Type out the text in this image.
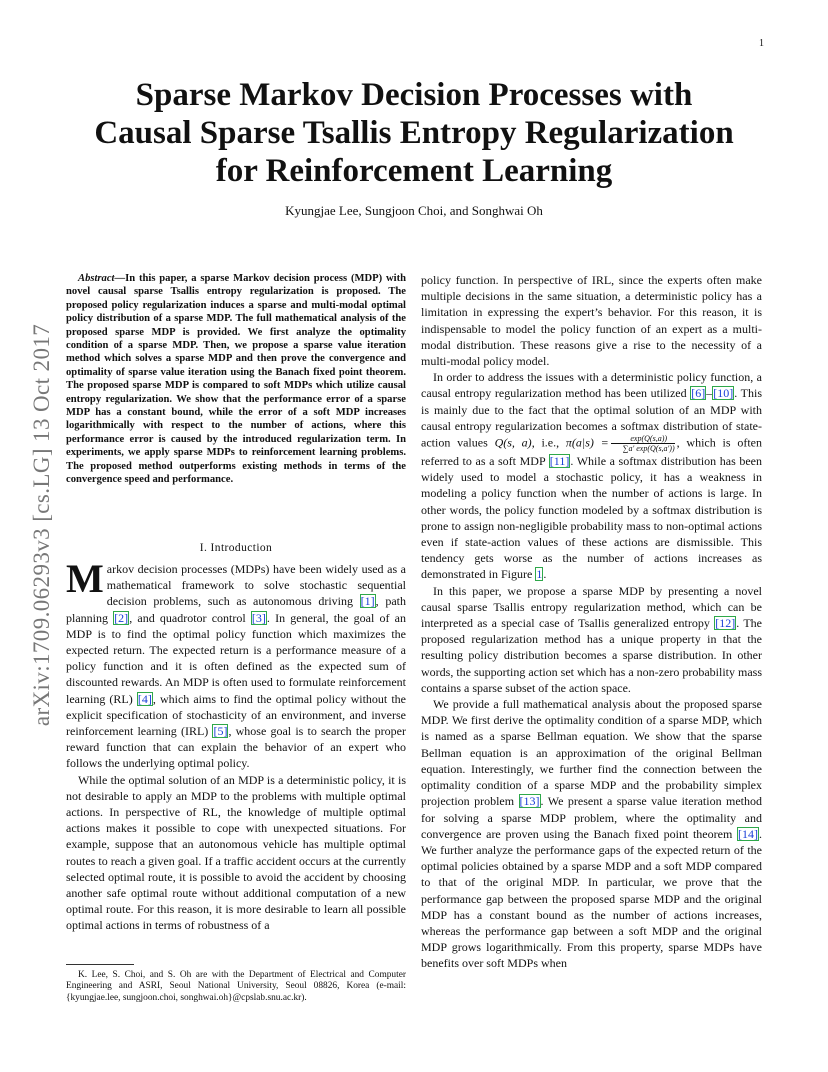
1
arXiv:1709.06293v3 [cs.LG] 13 Oct 2017
Sparse Markov Decision Processes with
Causal Sparse Tsallis Entropy Regularization
for Reinforcement Learning
Kyungjae Lee, Sungjoon Choi, and Songhwai Oh

Abstract—In this paper, a sparse Markov decision process (MDP) with novel causal sparse Tsallis entropy regularization is proposed. The proposed policy regularization induces a sparse and multi-modal optimal policy distribution of a sparse MDP. The full mathematical analysis of the proposed sparse MDP is provided. We first analyze the optimality condition of a sparse MDP. Then, we propose a sparse value iteration method which solves a sparse MDP and then prove the convergence and optimality of sparse value iteration using the Banach fixed point theorem. The proposed sparse MDP is compared to soft MDPs which utilize causal entropy regularization. We show that the performance error of a sparse MDP has a constant bound, while the error of a soft MDP increases logarithmically with respect to the number of actions, where this performance error is caused by the introduced regularization term. In experiments, we apply sparse MDPs to reinforcement learning problems. The proposed method outperforms existing methods in terms of the convergence speed and performance.

I. Introduction

Markov decision processes (MDPs) have been widely used as a mathematical framework to solve stochastic sequential decision problems, such as autonomous driving [1], path planning [2], and quadrotor control [3]. In general, the goal of an MDP is to find the optimal policy function which maximizes the expected return. The expected return is a performance measure of a policy function and it is often defined as the expected sum of discounted rewards. An MDP is often used to formulate reinforcement learning (RL) [4], which aims to find the optimal policy without the explicit specification of stochasticity of an environment, and inverse reinforcement learning (IRL) [5], whose goal is to search the proper reward function that can explain the behavior of an expert who follows the underlying optimal policy.

While the optimal solution of an MDP is a deterministic policy, it is not desirable to apply an MDP to the problems with multiple optimal actions. In perspective of RL, the knowledge of multiple optimal actions makes it possible to cope with unexpected situations. For example, suppose that an autonomous vehicle has multiple optimal routes to reach a given goal. If a traffic accident occurs at the currently selected optimal route, it is possible to avoid the accident by choosing another safe optimal route without additional computation of a new optimal route. For this reason, it is more desirable to learn all possible optimal actions in terms of robustness of a

K. Lee, S. Choi, and S. Oh are with the Department of Electrical and Computer Engineering and ASRI, Seoul National University, Seoul 08826, Korea (e-mail: {kyungjae.lee, sungjoon.choi, songhwai.oh}@cpslab.snu.ac.kr).

policy function. In perspective of IRL, since the experts often make multiple decisions in the same situation, a deterministic policy has a limitation in expressing the expert’s behavior. For this reason, it is indispensable to model the policy function of an expert as a multi-modal distribution. These reasons give a rise to the necessity of a multi-modal policy model.

In order to address the issues with a deterministic policy function, a causal entropy regularization method has been utilized [6]–[10]. This is mainly due to the fact that the optimal solution of an MDP with causal entropy regularization becomes a softmax distribution of state-action values Q(s, a), i.e., $\pi(a|s) = \frac{\exp(Q(s,a))}{\sum a' \exp(Q(s,a'))}$ , which is often referred to as a soft MDP [11]. While a softmax distribution has been widely used to model a stochastic policy, it has a weakness in modeling a policy function when the number of actions is large. In other words, the policy function modeled by a softmax distribution is prone to assign non-negligible probability mass to non-optimal actions even if state-action values of these actions are dismissible. This tendency gets worse as the number of actions increases as demonstrated in Figure 1.

In this paper, we propose a sparse MDP by presenting a novel causal sparse Tsallis entropy regularization method, which can be interpreted as a special case of Tsallis generalized entropy [12]. The proposed regularization method has a unique property in that the resulting policy distribution becomes a sparse distribution. In other words, the supporting action set which has a non-zero probability mass contains a sparse subset of the action space.

We provide a full mathematical analysis about the proposed sparse MDP. We first derive the optimality condition of a sparse MDP, which is named as a sparse Bellman equation. We show that the sparse Bellman equation is an approximation of the original Bellman equation. Interestingly, we further find the connection between the optimality condition of a sparse MDP and the probability simplex projection problem [13]. We present a sparse value iteration method for solving a sparse MDP problem, where the optimality and convergence are proven using the Banach fixed point theorem [14]. We further analyze the performance gaps of the expected return of the optimal policies obtained by a sparse MDP and a soft MDP compared to that of the original MDP. In particular, we prove that the performance gap between the proposed sparse MDP and the original MDP has a constant bound as the number of actions increases, whereas the performance gap between a soft MDP and the original MDP grows logarithmically. From this property, sparse MDPs have benefits over soft MDPs when
